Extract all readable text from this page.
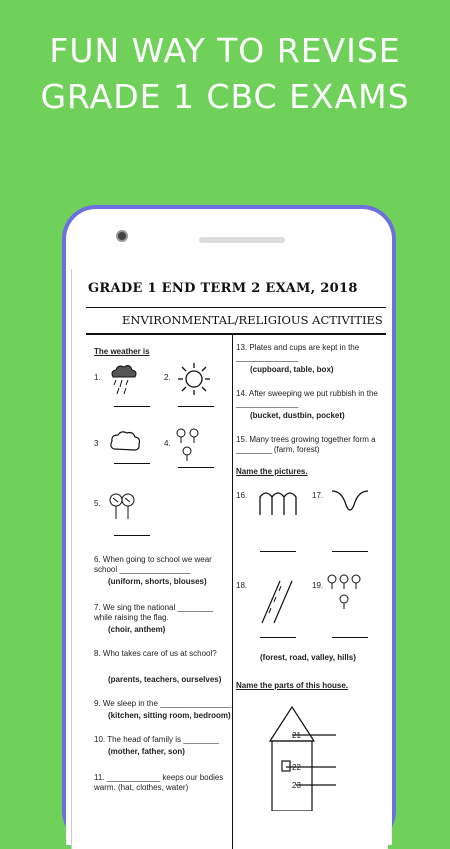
FUN WAY TO REVISE
GRADE 1 CBC EXAMS
GRADE 1 END TERM 2 EXAM, 2018
ENVIRONMENTAL/RELIGIOUS ACTIVITIES
The weather is
1.	2.
3	4.
5.
6. When going to school we wear school ________________
(uniform, shorts, blouses)
7. We sing the national ________ while raising the flag.
(choir, anthem)
8. Who takes care of us at school?
(parents, teachers, ourselves)
9. We sleep in the ________________
(kitchen, sitting room, bedroom)
10. The head of family is ________
(mother, father, son)
11. ____________ keeps our bodies warm. (hat, clothes, water)
13. Plates and cups are kept in the ______________
(cupboard, table, box)
14. After sweeping we put rubbish in the ______________
(bucket, dustbin, pocket)
15. Many trees growing together form a ________ (farm, forest)
Name the pictures.
16.	17.
18.	19.
(forest, road, valley, hills)
Name the parts of this house.
21
22
23
